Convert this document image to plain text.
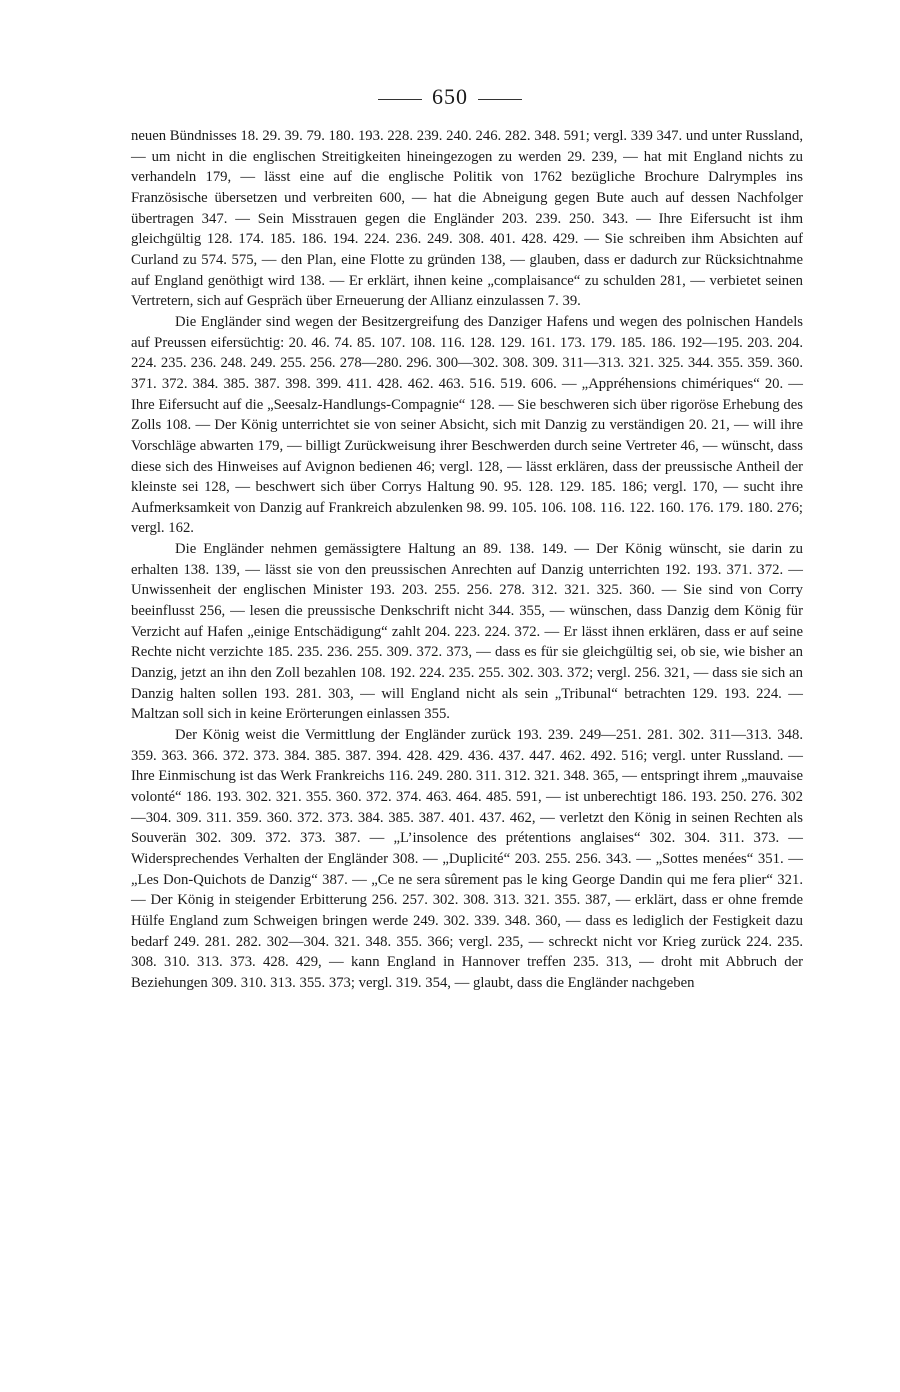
650

neuen Bündnisses 18. 29. 39. 79. 180. 193. 228. 239. 240. 246. 282. 348. 591; vergl. 339 347. und unter Russland, — um nicht in die englischen Streitigkeiten hineingezogen zu werden 29. 239, — hat mit England nichts zu verhandeln 179, — lässt eine auf die englische Politik von 1762 bezügliche Brochure Dalrymples ins Französische übersetzen und verbreiten 600, — hat die Abneigung gegen Bute auch auf dessen Nachfolger übertragen 347. — Sein Misstrauen gegen die Engländer 203. 239. 250. 343. — Ihre Eifersucht ist ihm gleichgültig 128. 174. 185. 186. 194. 224. 236. 249. 308. 401. 428. 429. — Sie schreiben ihm Absichten auf Curland zu 574. 575, — den Plan, eine Flotte zu gründen 138, — glauben, dass er dadurch zur Rücksichtnahme auf England genöthigt wird 138. — Er erklärt, ihnen keine „complaisance“ zu schulden 281, — verbietet seinen Vertretern, sich auf Gespräch über Erneuerung der Allianz einzulassen 7. 39.

Die Engländer sind wegen der Besitzergreifung des Danziger Hafens und wegen des polnischen Handels auf Preussen eifersüchtig: 20. 46. 74. 85. 107. 108. 116. 128. 129. 161. 173. 179. 185. 186. 192—195. 203. 204. 224. 235. 236. 248. 249. 255. 256. 278—280. 296. 300—302. 308. 309. 311—313. 321. 325. 344. 355. 359. 360. 371. 372. 384. 385. 387. 398. 399. 411. 428. 462. 463. 516. 519. 606. — „Appréhensions chimériques“ 20. — Ihre Eifersucht auf die „Seesalz-Handlungs-Compagnie“ 128. — Sie beschweren sich über rigoröse Erhebung des Zolls 108. — Der König unterrichtet sie von seiner Absicht, sich mit Danzig zu verständigen 20. 21, — will ihre Vorschläge abwarten 179, — billigt Zurückweisung ihrer Beschwerden durch seine Vertreter 46, — wünscht, dass diese sich des Hinweises auf Avignon bedienen 46; vergl. 128, — lässt erklären, dass der preussische Antheil der kleinste sei 128, — beschwert sich über Corrys Haltung 90. 95. 128. 129. 185. 186; vergl. 170, — sucht ihre Aufmerksamkeit von Danzig auf Frankreich abzulenken 98. 99. 105. 106. 108. 116. 122. 160. 176. 179. 180. 276; vergl. 162.

Die Engländer nehmen gemässigtere Haltung an 89. 138. 149. — Der König wünscht, sie darin zu erhalten 138. 139, — lässt sie von den preussischen Anrechten auf Danzig unterrichten 192. 193. 371. 372. — Unwissenheit der englischen Minister 193. 203. 255. 256. 278. 312. 321. 325. 360. — Sie sind von Corry beeinflusst 256, — lesen die preussische Denkschrift nicht 344. 355, — wünschen, dass Danzig dem König für Verzicht auf Hafen „einige Entschädigung“ zahlt 204. 223. 224. 372. — Er lässt ihnen erklären, dass er auf seine Rechte nicht verzichte 185. 235. 236. 255. 309. 372. 373, — dass es für sie gleichgültig sei, ob sie, wie bisher an Danzig, jetzt an ihn den Zoll bezahlen 108. 192. 224. 235. 255. 302. 303. 372; vergl. 256. 321, — dass sie sich an Danzig halten sollen 193. 281. 303, — will England nicht als sein „Tribunal“ betrachten 129. 193. 224. — Maltzan soll sich in keine Erörterungen einlassen 355.

Der König weist die Vermittlung der Engländer zurück 193. 239. 249—251. 281. 302. 311—313. 348. 359. 363. 366. 372. 373. 384. 385. 387. 394. 428. 429. 436. 437. 447. 462. 492. 516; vergl. unter Russland. — Ihre Einmischung ist das Werk Frankreichs 116. 249. 280. 311. 312. 321. 348. 365, — entspringt ihrem „mauvaise volonté“ 186. 193. 302. 321. 355. 360. 372. 374. 463. 464. 485. 591, — ist unberechtigt 186. 193. 250. 276. 302—304. 309. 311. 359. 360. 372. 373. 384. 385. 387. 401. 437. 462, — verletzt den König in seinen Rechten als Souverän 302. 309. 372. 373. 387. — „L’insolence des prétentions anglaises“ 302. 304. 311. 373. — Widersprechendes Verhalten der Engländer 308. — „Duplicité“ 203. 255. 256. 343. — „Sottes menées“ 351. — „Les Don-Quichots de Danzig“ 387. — „Ce ne sera sûrement pas le king George Dandin qui me fera plier“ 321. — Der König in steigender Erbitterung 256. 257. 302. 308. 313. 321. 355. 387, — erklärt, dass er ohne fremde Hülfe England zum Schweigen bringen werde 249. 302. 339. 348. 360, — dass es lediglich der Festigkeit dazu bedarf 249. 281. 282. 302—304. 321. 348. 355. 366; vergl. 235, — schreckt nicht vor Krieg zurück 224. 235. 308. 310. 313. 373. 428. 429, — kann England in Hannover treffen 235. 313, — droht mit Abbruch der Beziehungen 309. 310. 313. 355. 373; vergl. 319. 354, — glaubt, dass die Engländer nachgeben
